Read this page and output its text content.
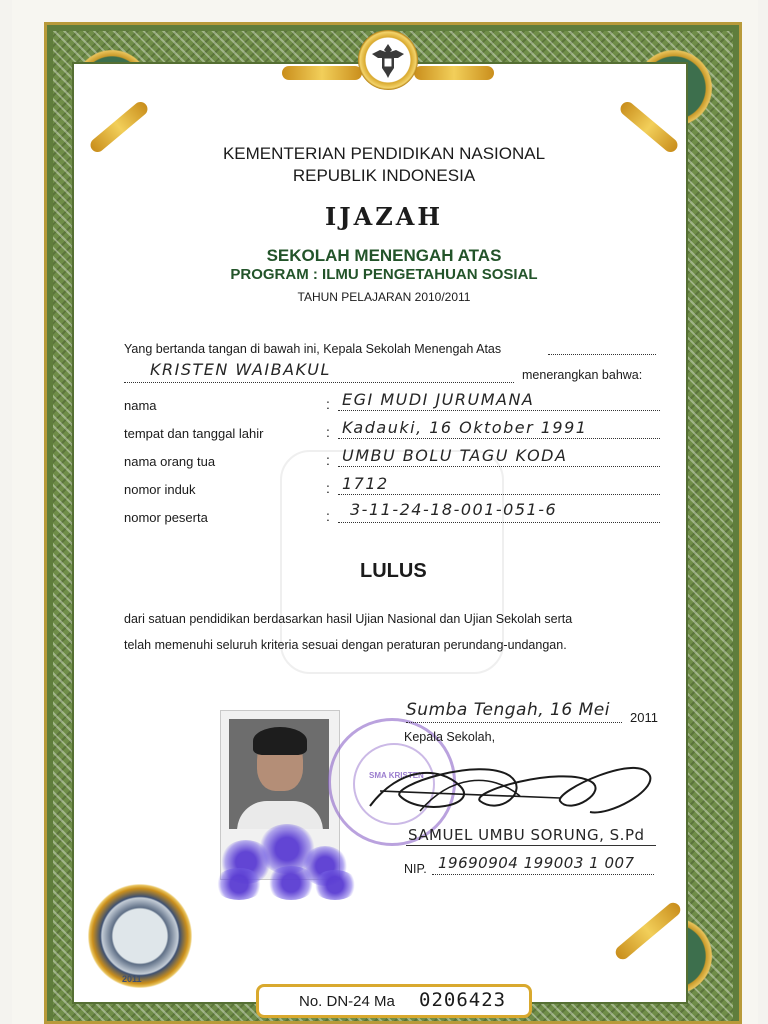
KEMENTERIAN PENDIDIKAN NASIONAL
REPUBLIK INDONESIA
IJAZAH
SEKOLAH MENENGAH ATAS
PROGRAM : ILMU PENGETAHUAN SOSIAL
TAHUN PELAJARAN 2010/2011
Yang bertanda tangan di bawah ini, Kepala Sekolah Menengah Atas
KRISTEN WAIBAKUL	menerangkan bahwa:
nama	: EGI MUDI JURUMANA
tempat dan tanggal lahir	: Kadauki, 16 Oktober 1991
nama orang tua	: UMBU BOLU TAGU KODA
nomor induk	: 1712
nomor peserta	: 3-11-24-18-001-051-6
LULUS
dari satuan pendidikan berdasarkan hasil Ujian Nasional dan Ujian Sekolah serta
telah memenuhi seluruh kriteria sesuai dengan peraturan perundang-undangan.
SMA KRISTEN
Sumba Tengah, 16 Mei 2011
Kepala Sekolah,
SAMUEL UMBU SORUNG, S.Pd
NIP. 19690904 199003 1 007
2011
No. DN-24 Ma 0206423
